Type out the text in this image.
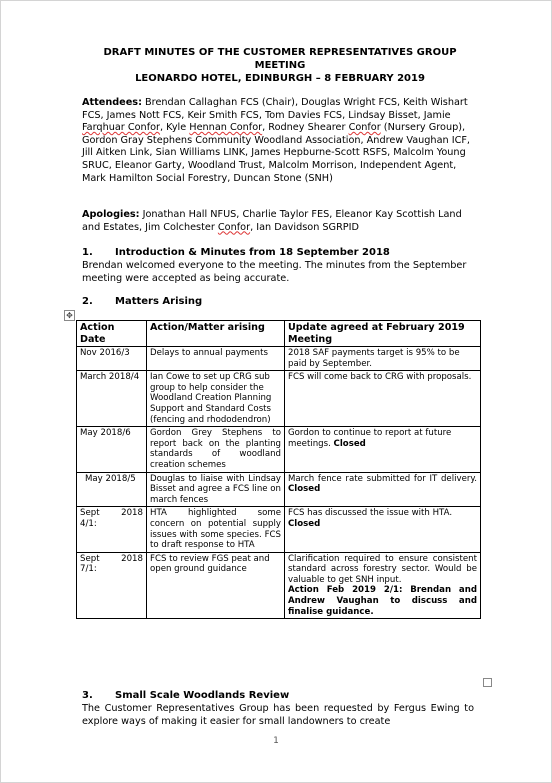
DRAFT MINUTES OF THE CUSTOMER REPRESENTATIVES GROUP
MEETING
LEONARDO HOTEL, EDINBURGH – 8 FEBRUARY 2019
Attendees: Brendan Callaghan FCS (Chair), Douglas Wright FCS, Keith Wishart FCS, James Nott FCS, Keir Smith FCS, Tom Davies FCS, Lindsay Bisset, Jamie Farqhuar Confor, Kyle Hennan Confor, Rodney Shearer Confor (Nursery Group), Gordon Gray Stephens Community Woodland Association, Andrew Vaughan ICF, Jill Aitken Link, Sian Williams LINK, James Hepburne-Scott RSFS, Malcolm Young SRUC, Eleanor Garty, Woodland Trust, Malcolm Morrison, Independent Agent, Mark Hamilton Social Forestry, Duncan Stone (SNH)
Apologies: Jonathan Hall NFUS, Charlie Taylor FES, Eleanor Kay Scottish Land and Estates, Jim Colchester Confor, Ian Davidson SGRPID
1. Introduction & Minutes from 18 September 2018
Brendan welcomed everyone to the meeting. The minutes from the September meeting were accepted as being accurate.
2. Matters Arising
✥
Action Date	Action/Matter arising	Update agreed at February 2019 Meeting
Nov 2016/3	Delays to annual payments	2018 SAF payments target is 95% to be paid by September.
March 2018/4	Ian Cowe to set up CRG sub group to help consider the Woodland Creation Planning Support and Standard Costs (fencing and rhododendron)	FCS will come back to CRG with proposals.
May 2018/6	Gordon Grey Stephens to report back on the planting standards of woodland creation schemes	Gordon to continue to report at future meetings. Closed
May 2018/5	Douglas to liaise with Lindsay Bisset and agree a FCS line on march fences	March fence rate submitted for IT delivery. Closed
Sept 2018 4/1:	HTA highlighted some concern on potential supply issues with some species. FCS to draft response to HTA	FCS has discussed the issue with HTA. Closed
Sept 2018 7/1:	FCS to review FGS peat and open ground guidance	Clarification required to ensure consistent standard across forestry sector. Would be valuable to get SNH input.
Action Feb 2019 2/1: Brendan and Andrew Vaughan to discuss and finalise guidance.
3. Small Scale Woodlands Review
The Customer Representatives Group has been requested by Fergus Ewing to explore ways of making it easier for small landowners to create
1
